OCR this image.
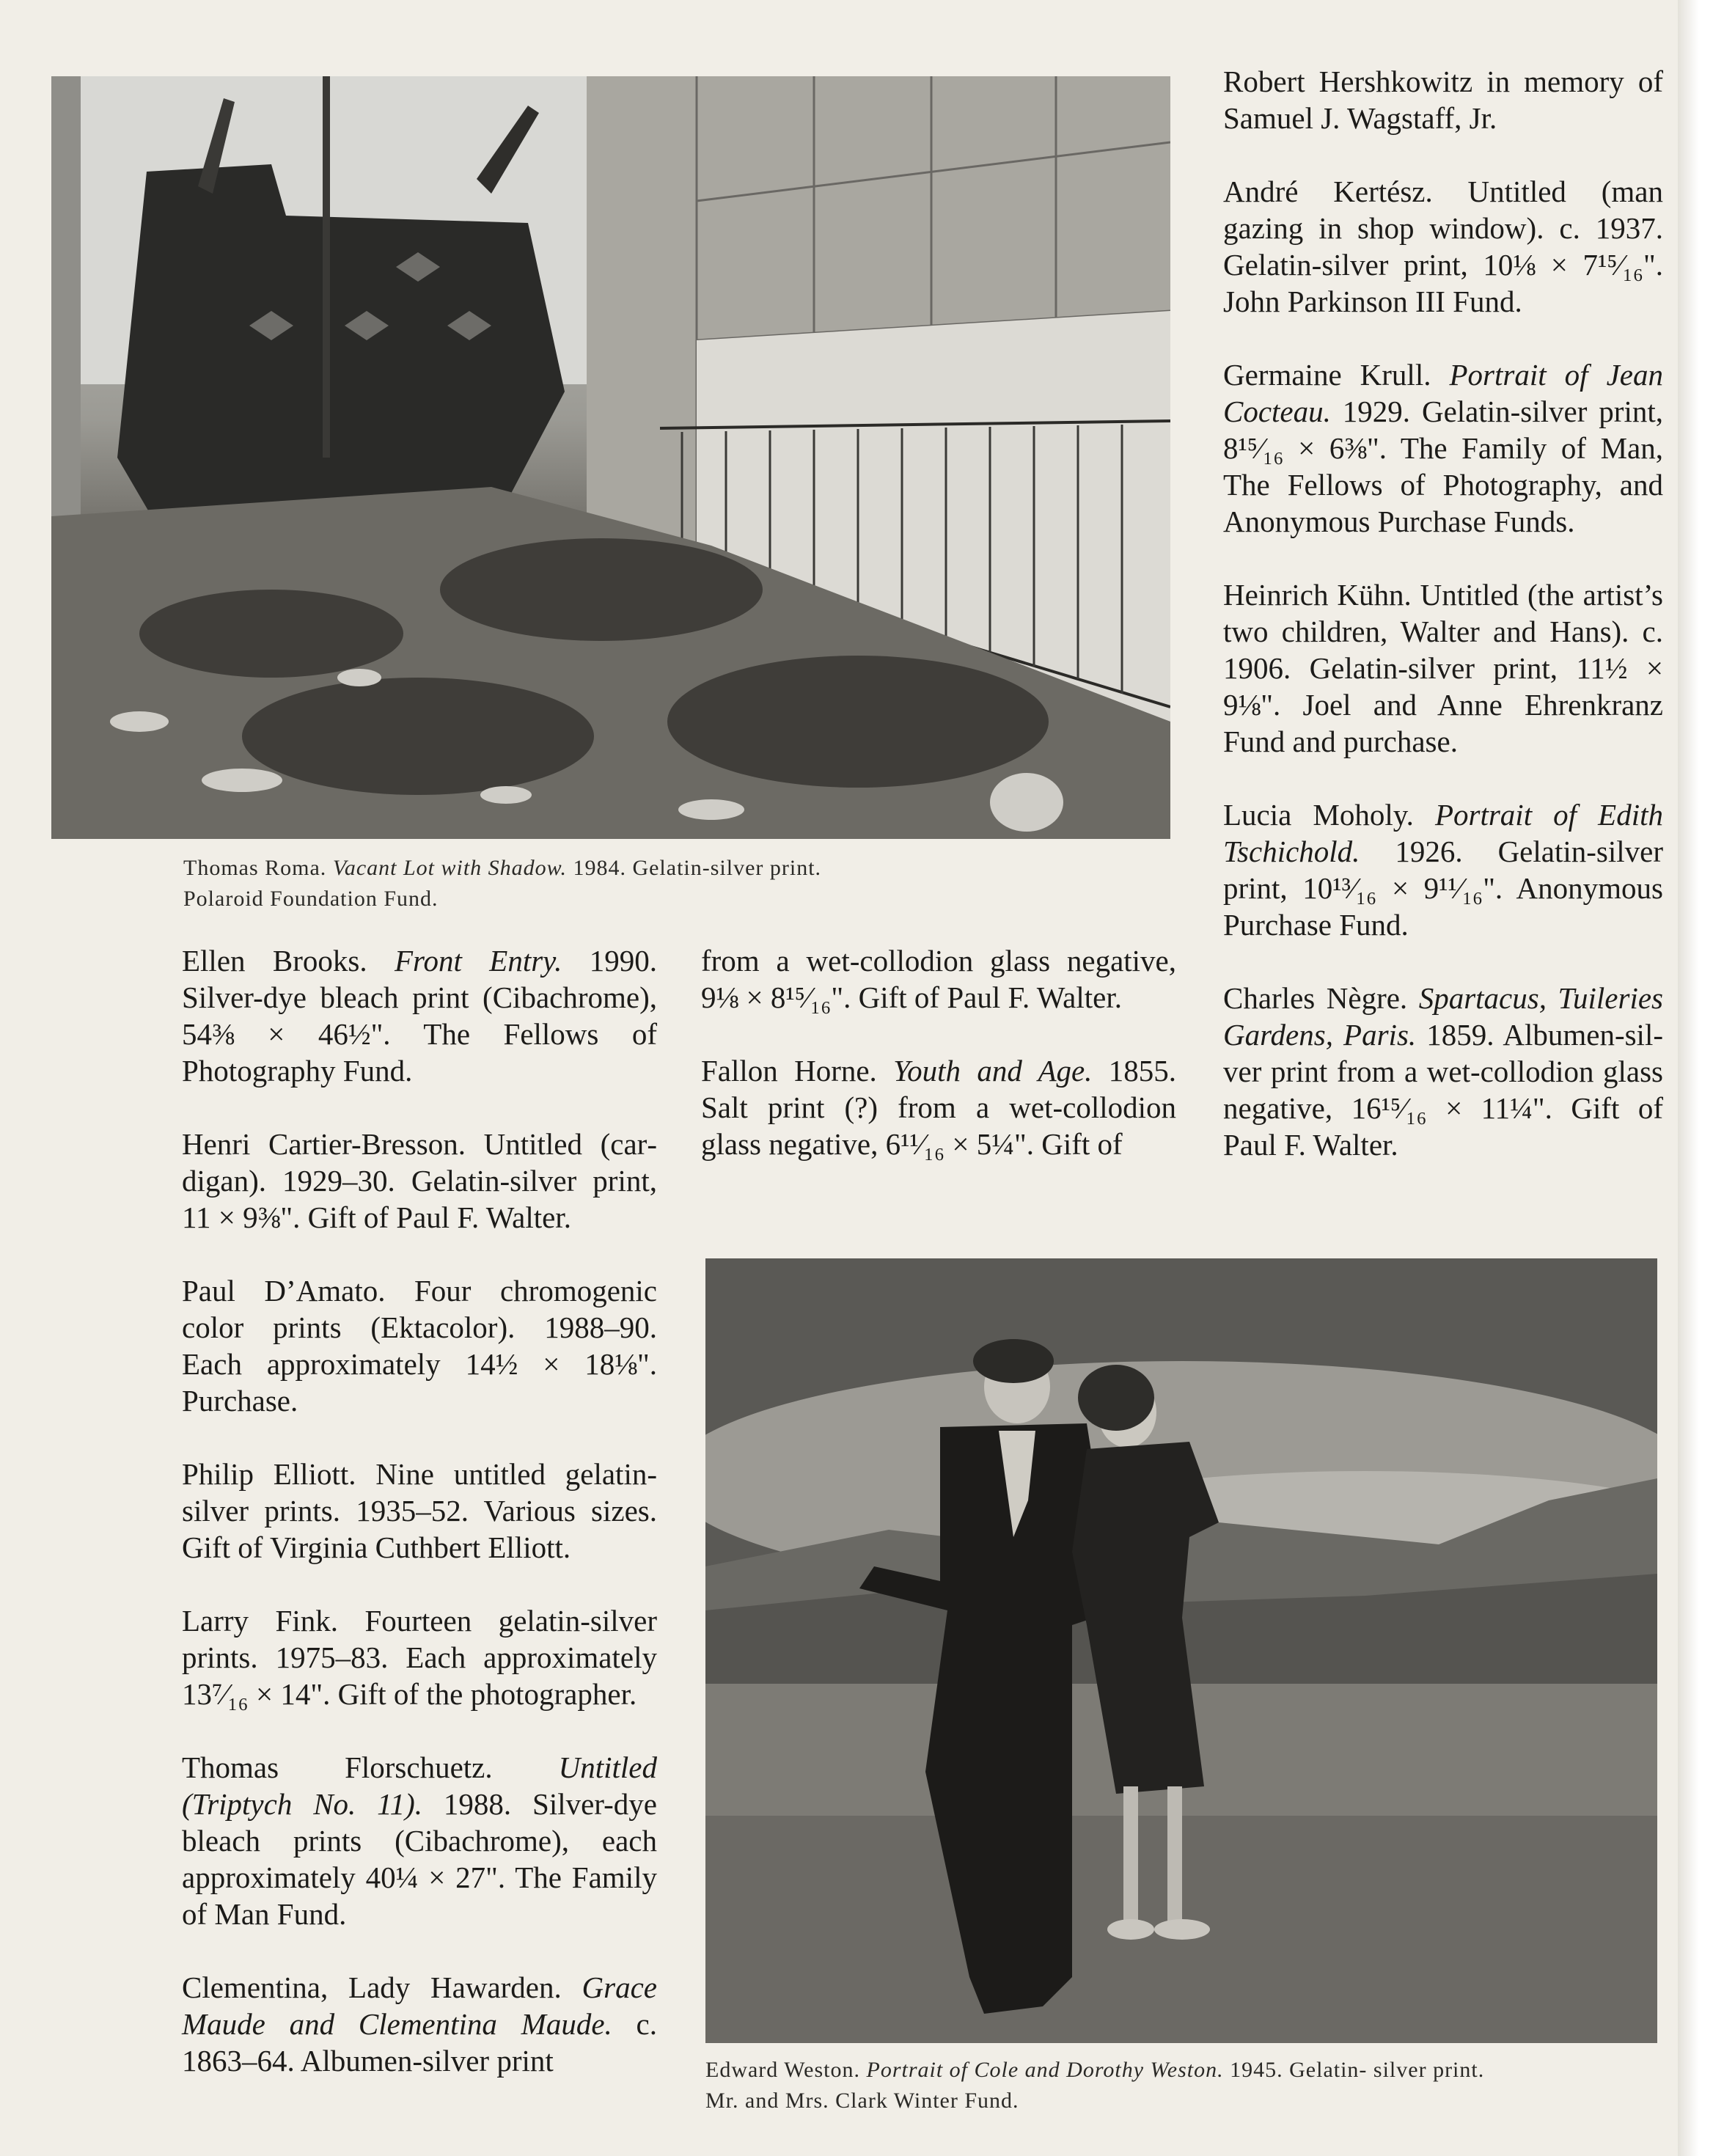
Thomas Roma. Vacant Lot with Shadow. 1984. Gelatin-silver print.
Polaroid Foundation Fund.

Robert Hershkowitz in memory of Samuel J. Wagstaff, Jr.

André Kertész. Untitled (man gazing in shop window). c. 1937. Gelatin-silver print, 10⅛ × 7¹⁵⁄₁₆". John Parkinson III Fund.

Germaine Krull. Portrait of Jean Cocteau. 1929. Gelatin-silver print, 8¹⁵⁄₁₆ × 6⅜". The Family of Man, The Fellows of Photography, and Anonymous Purchase Funds.

Heinrich Kühn. Untitled (the artist’s two children, Walter and Hans). c. 1906. Gelatin-silver print, 11½ × 9⅛". Joel and Anne Ehrenkranz Fund and purchase.

Lucia Moholy. Portrait of Edith Tschichold. 1926. Gelatin-silver print, 10¹³⁄₁₆ × 9¹¹⁄₁₆". Anonymous Purchase Fund.

Charles Nègre. Spartacus, Tuileries Gardens, Paris. 1859. Albumen-silver print from a wet-collodion glass negative, 16¹⁵⁄₁₆ × 11¼". Gift of Paul F. Walter.

Ellen Brooks. Front Entry. 1990. Silver-dye bleach print (Cibachrome), 54⅜ × 46½". The Fellows of Photography Fund.

Henri Cartier-Bresson. Untitled (cardigan). 1929–30. Gelatin-silver print, 11 × 9⅜". Gift of Paul F. Walter.

Paul D’Amato. Four chromogenic color prints (Ektacolor). 1988–90. Each approximately 14½ × 18⅛". Purchase.

Philip Elliott. Nine untitled gelatin-silver prints. 1935–52. Various sizes. Gift of Virginia Cuthbert Elliott.

Larry Fink. Fourteen gelatin-silver prints. 1975–83. Each approximately 13⁷⁄₁₆ × 14". Gift of the photographer.

Thomas Florschuetz. Untitled (Triptych No. 11). 1988. Silver-dye bleach prints (Cibachrome), each approximately 40¼ × 27". The Family of Man Fund.

Clementina, Lady Hawarden. Grace Maude and Clementina Maude. c. 1863–64. Albumen-silver print

from a wet-collodion glass negative, 9⅛ × 8¹⁵⁄₁₆". Gift of Paul F. Walter.

Fallon Horne. Youth and Age. 1855. Salt print (?) from a wet-collodion glass negative, 6¹¹⁄₁₆ × 5¼". Gift of

Edward Weston. Portrait of Cole and Dorothy Weston. 1945. Gelatin- silver print.
Mr. and Mrs. Clark Winter Fund.
